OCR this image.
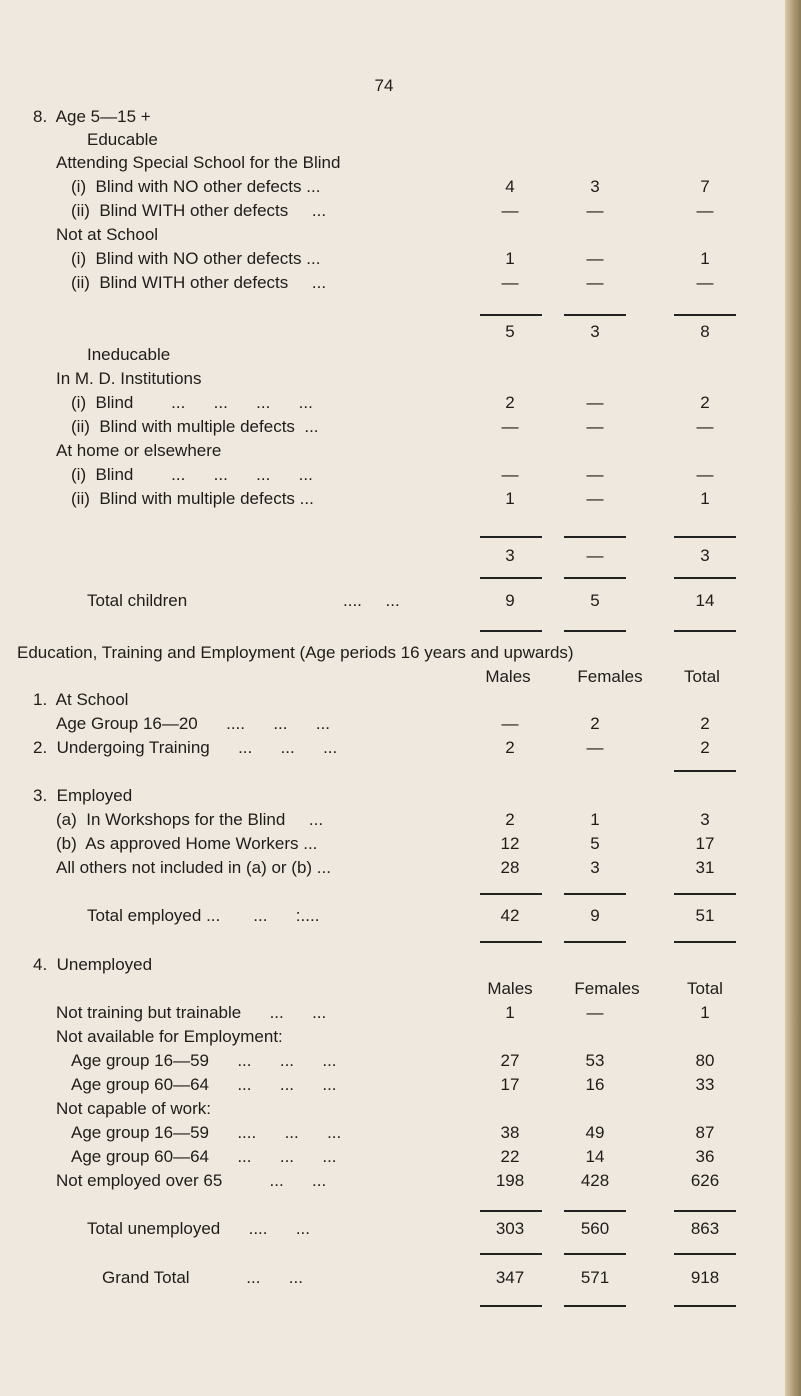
74
8.  Age 5—15 +
Educable
Attending Special School for the Blind
(i)  Blind with NO other defects ...	4	3	7
(ii)  Blind WITH other defects     ...	—	—	—
Not at School
(i)  Blind with NO other defects ...	1	—	1
(ii)  Blind WITH other defects     ...	—	—	—
5	3	8
Ineducable
In M. D. Institutions
(i)  Blind        ...      ...      ...      ...	2	—	2
(ii)  Blind with multiple defects  ...	—	—	—
At home or elsewhere
(i)  Blind        ...      ...      ...      ...	—	—	—
(ii)  Blind with multiple defects ...	1	—	1
3	—	3
Total children	....     ...	9	5	14
Education, Training and Employment (Age periods 16 years and upwards)
Males	Females	Total
1.  At School
Age Group 16—20      ....      ...      ...	—	2	2
2.  Undergoing Training      ...      ...      ...	2	—	2
3.  Employed
(a)  In Workshops for the Blind     ...	2	1	3
(b)  As approved Home Workers ...	12	5	17
All others not included in (a) or (b) ...	28	3	31
Total employed ...       ...      :....	42	9	51
4.  Unemployed
Males	Females	Total
Not training but trainable      ...      ...	1	—	1
Not available for Employment:
Age group 16—59      ...      ...      ...	27	53	80
Age group 60—64      ...      ...      ...	17	16	33
Not capable of work:
Age group 16—59      ....      ...      ...	38	49	87
Age group 60—64      ...      ...      ...	22	14	36
Not employed over 65          ...      ...	198	428	626
Total unemployed      ....      ...	303	560	863
Grand Total            ...      ...	347	571	918
